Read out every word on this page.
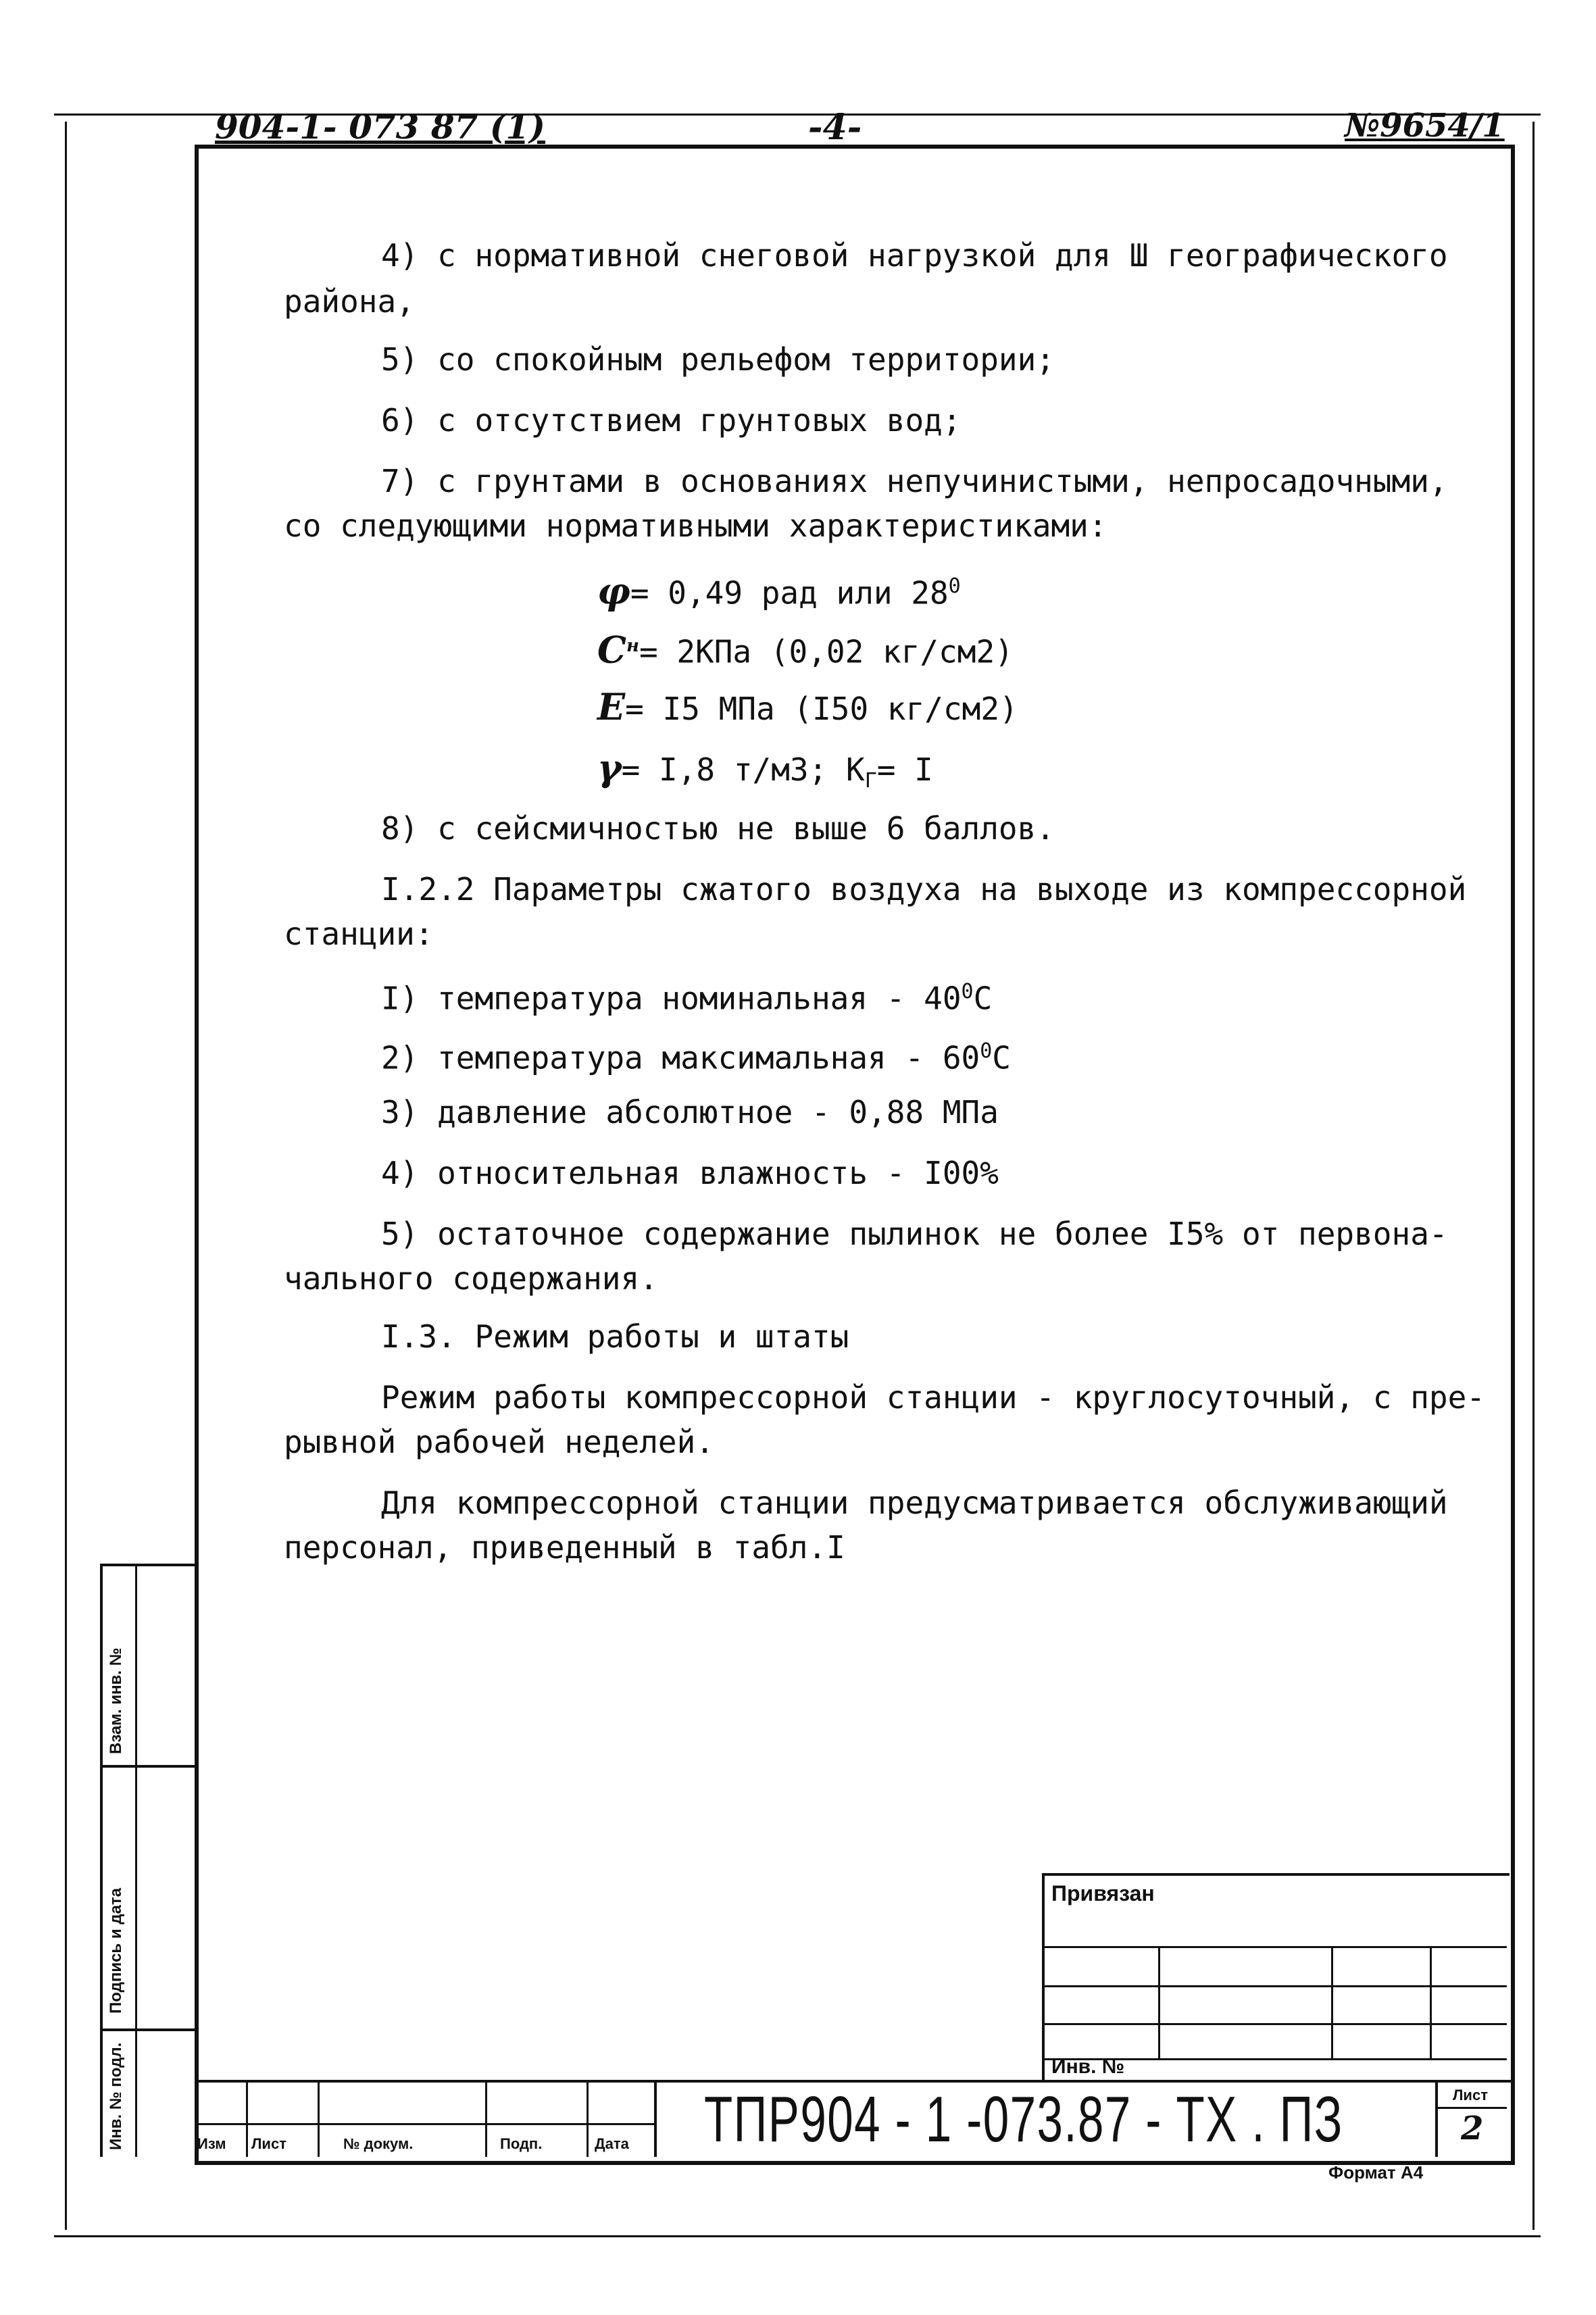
904-1- 073 87 (1)	-4-	№9654/1
4) с нормативной снеговой нагрузкой для Ш географического
района,
5) со спокойным рельефом территории;
6) с отсутствием грунтовых вод;
7) с грунтами в основаниях непучинистыми, непросадочными,
со следующими нормативными характеристиками:
φ= 0,49 рад или $28^0$
$C^н= 2КПа$ (0,02 кг/см2)
E= I5 МПа (I50 кг/см2)
γ= I,8 т/м3; $К_Г= I$
8) с сейсмичностью не выше 6 баллов.
I.2.2 Параметры сжатого воздуха на выходе из компрессорной
станции:
I) температура номинальная - $40^0С$
2) температура максимальная - $60^0С$
3) давление абсолютное - 0,88 МПа
4) относительная влажность - I00%
5) остаточное содержание пылинок не более I5% от первона-
чального содержания.
I.3. Режим работы и штаты
Режим работы компрессорной станции - круглосуточный, с пре-
рывной рабочей неделей.
Для компрессорной станции предусматривается обслуживающий
персонал, приведенный в табл.I
Взам. инв. №
Подпись и дата
Инв. № подл.
Привязан
Инв. №
Изм Лист	№ докум.	Подп.	Дата ТПР904 - 1 -073.87 - ТХ . ПЗ	Лист
2
Формат А4
